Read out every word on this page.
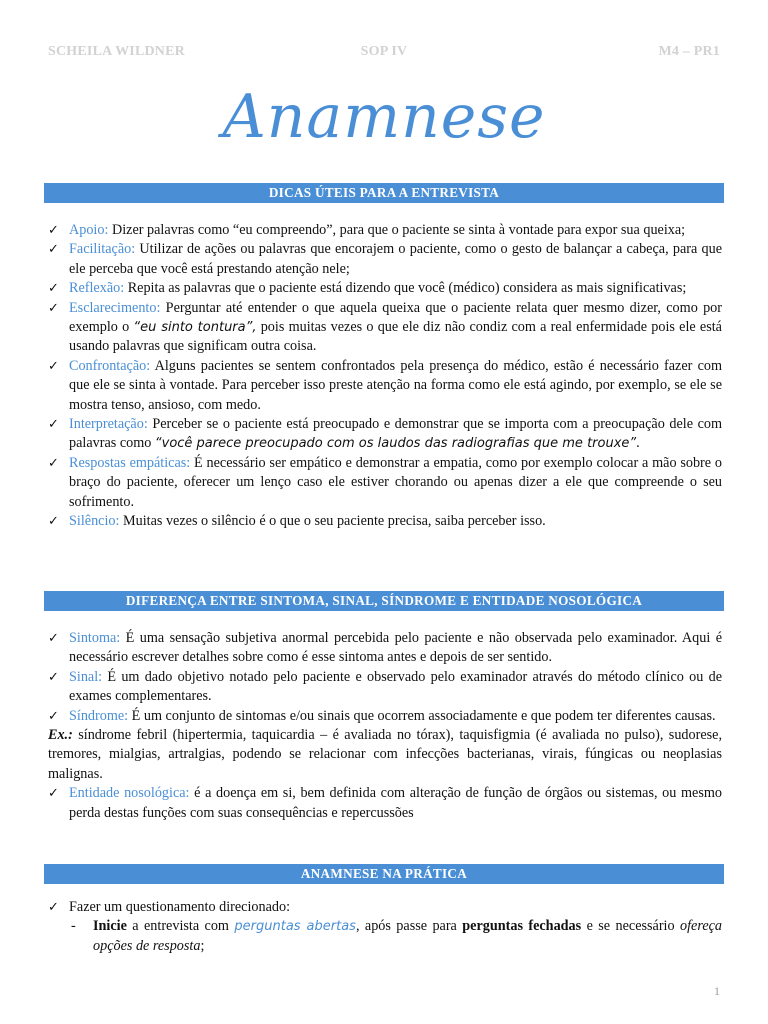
SCHEILA WILDNER	SOP IV	M4 – PR1
Anamnese
DICAS ÚTEIS PARA A ENTREVISTA
✓ Apoio: Dizer palavras como “eu compreendo”, para que o paciente se sinta à vontade para expor sua queixa;
✓ Facilitação: Utilizar de ações ou palavras que encorajem o paciente, como o gesto de balançar a cabeça, para que ele perceba que você está prestando atenção nele;
✓ Reflexão: Repita as palavras que o paciente está dizendo que você (médico) considera as mais significativas;
✓ Esclarecimento: Perguntar até entender o que aquela queixa que o paciente relata quer mesmo dizer, como por exemplo o “eu sinto tontura”, pois muitas vezes o que ele diz não condiz com a real enfermidade pois ele está usando palavras que significam outra coisa.
✓ Confrontação: Alguns pacientes se sentem confrontados pela presença do médico, estão é necessário fazer com que ele se sinta à vontade. Para perceber isso preste atenção na forma como ele está agindo, por exemplo, se ele se mostra tenso, ansioso, com medo.
✓ Interpretação: Perceber se o paciente está preocupado e demonstrar que se importa com a preocupação dele com palavras como “você parece preocupado com os laudos das radiografias que me trouxe”.
✓ Respostas empáticas: É necessário ser empático e demonstrar a empatia, como por exemplo colocar a mão sobre o braço do paciente, oferecer um lenço caso ele estiver chorando ou apenas dizer a ele que compreende o seu sofrimento.
✓ Silêncio: Muitas vezes o silêncio é o que o seu paciente precisa, saiba perceber isso.
DIFERENÇA ENTRE SINTOMA, SINAL, SÍNDROME E ENTIDADE NOSOLÓGICA
✓ Sintoma: É uma sensação subjetiva anormal percebida pelo paciente e não observada pelo examinador. Aqui é necessário escrever detalhes sobre como é esse sintoma antes e depois de ser sentido.
✓ Sinal: É um dado objetivo notado pelo paciente e observado pelo examinador através do método clínico ou de exames complementares.
✓ Síndrome: É um conjunto de sintomas e/ou sinais que ocorrem associadamente e que podem ter diferentes causas.
Ex.: síndrome febril (hipertermia, taquicardia – é avaliada no tórax), taquisfigmia (é avaliada no pulso), sudorese, tremores, mialgias, artralgias, podendo se relacionar com infecções bacterianas, virais, fúngicas ou neoplasias malignas.
✓ Entidade nosológica: é a doença em si, bem definida com alteração de função de órgãos ou sistemas, ou mesmo perda destas funções com suas consequências e repercussões
ANAMNESE NA PRÁTICA
✓ Fazer um questionamento direcionado:
- Inicie a entrevista com perguntas abertas, após passe para perguntas fechadas e se necessário ofereça opções de resposta;
1
